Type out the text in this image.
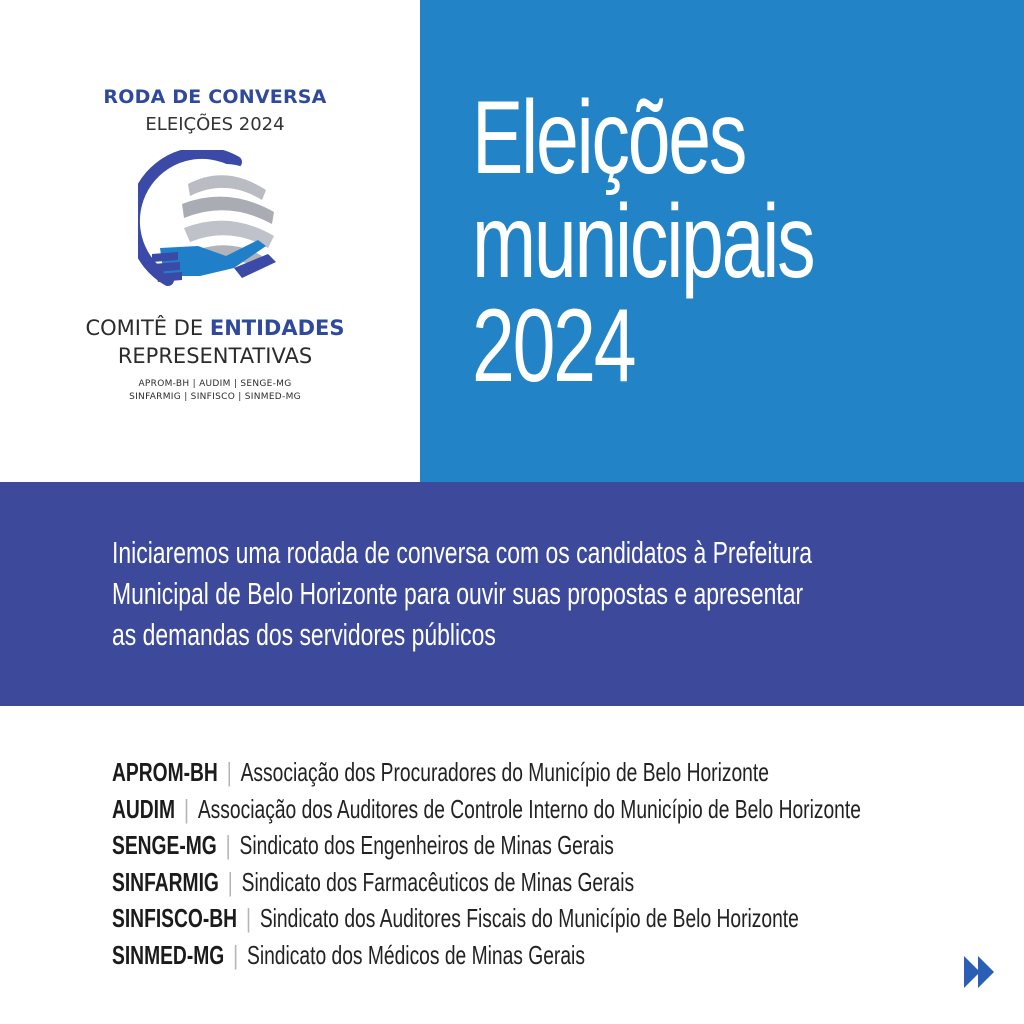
RODA DE CONVERSA
ELEIÇÕES 2024
COMITÊ DE ENTIDADES
REPRESENTATIVAS
APROM-BH | AUDIM | SENGE-MG
SINFARMIG | SINFISCO | SINMED-MG
Eleições
municipais
2024
Iniciaremos uma rodada de conversa com os candidatos à Prefeitura
Municipal de Belo Horizonte para ouvir suas propostas e apresentar
as demandas dos servidores públicos
APROM-BH | Associação dos Procuradores do Município de Belo Horizonte
AUDIM | Associação dos Auditores de Controle Interno do Município de Belo Horizonte
SENGE-MG | Sindicato dos Engenheiros de Minas Gerais
SINFARMIG | Sindicato dos Farmacêuticos de Minas Gerais
SINFISCO-BH | Sindicato dos Auditores Fiscais do Município de Belo Horizonte
SINMED-MG | Sindicato dos Médicos de Minas Gerais
